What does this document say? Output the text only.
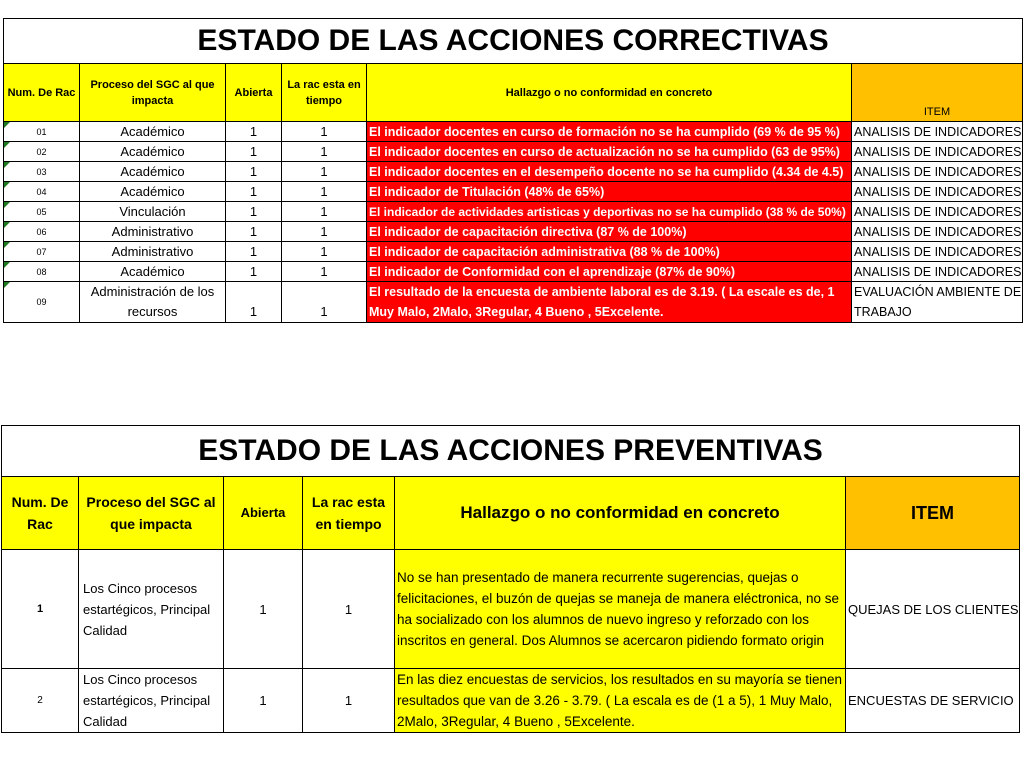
ESTADO DE LAS ACCIONES CORRECTIVAS					
Num. De Rac	Proceso del SGC al que impacta	Abierta	La rac esta en tiempo	Hallazgo o no conformidad en concreto	ITEM

01	Académico	1	1	El indicador docentes en curso de formación no se ha cumplido (69 % de 95 %)	ANALISIS DE INDICADORES

02	Académico	1	1	El indicador docentes en curso de actualización no se ha cumplido (63 de 95%)	ANALISIS DE INDICADORES

03	Académico	1	1	El indicador docentes en el desempeño docente no se ha cumplido (4.34 de 4.5)	ANALISIS DE INDICADORES

04	Académico	1	1	El indicador de Titulación (48% de 65%)	ANALISIS DE INDICADORES

05	Vinculación	1	1	El indicador de actividades artisticas y deportivas no se ha cumplido (38 % de 50%)	ANALISIS DE INDICADORES

06	Administrativo	1	1	El indicador de capacitación directiva (87 % de 100%)	ANALISIS DE INDICADORES

07	Administrativo	1	1	El indicador de capacitación administrativa (88 % de 100%)	ANALISIS DE INDICADORES

08	Académico	1	1	El indicador de Conformidad con el aprendizaje (87% de 90%)	ANALISIS DE INDICADORES

09	Administración de los recursos	1	1	El resultado de la encuesta de ambiente laboral es de 3.19. ( La escale es de, 1 Muy Malo, 2Malo, 3Regular, 4 Bueno , 5Excelente.	EVALUACIÓN AMBIENTE DE TRABAJO
ESTADO DE LAS ACCIONES PREVENTIVAS					
Num. De Rac	Proceso del SGC al que impacta	Abierta	La rac esta en tiempo	Hallazgo o no conformidad en concreto	ITEM
1	Los Cinco procesos estartégicos, Principal Calidad	1	1	No se han presentado de manera recurrente sugerencias, quejas o felicitaciones, el buzón de quejas se maneja de manera eléctronica, no se ha socializado con los alumnos de nuevo ingreso y reforzado con los inscritos en general. Dos Alumnos se acercaron pidiendo formato origin	QUEJAS DE LOS CLIENTES
2	Los Cinco procesos estartégicos, Principal Calidad	1	1	En las diez encuestas de servicios, los resultados en su mayoría se tienen resultados que van de 3.26 - 3.79. ( La escala es de (1 a 5), 1 Muy Malo, 2Malo, 3Regular, 4 Bueno , 5Excelente.	ENCUESTAS DE SERVICIO
